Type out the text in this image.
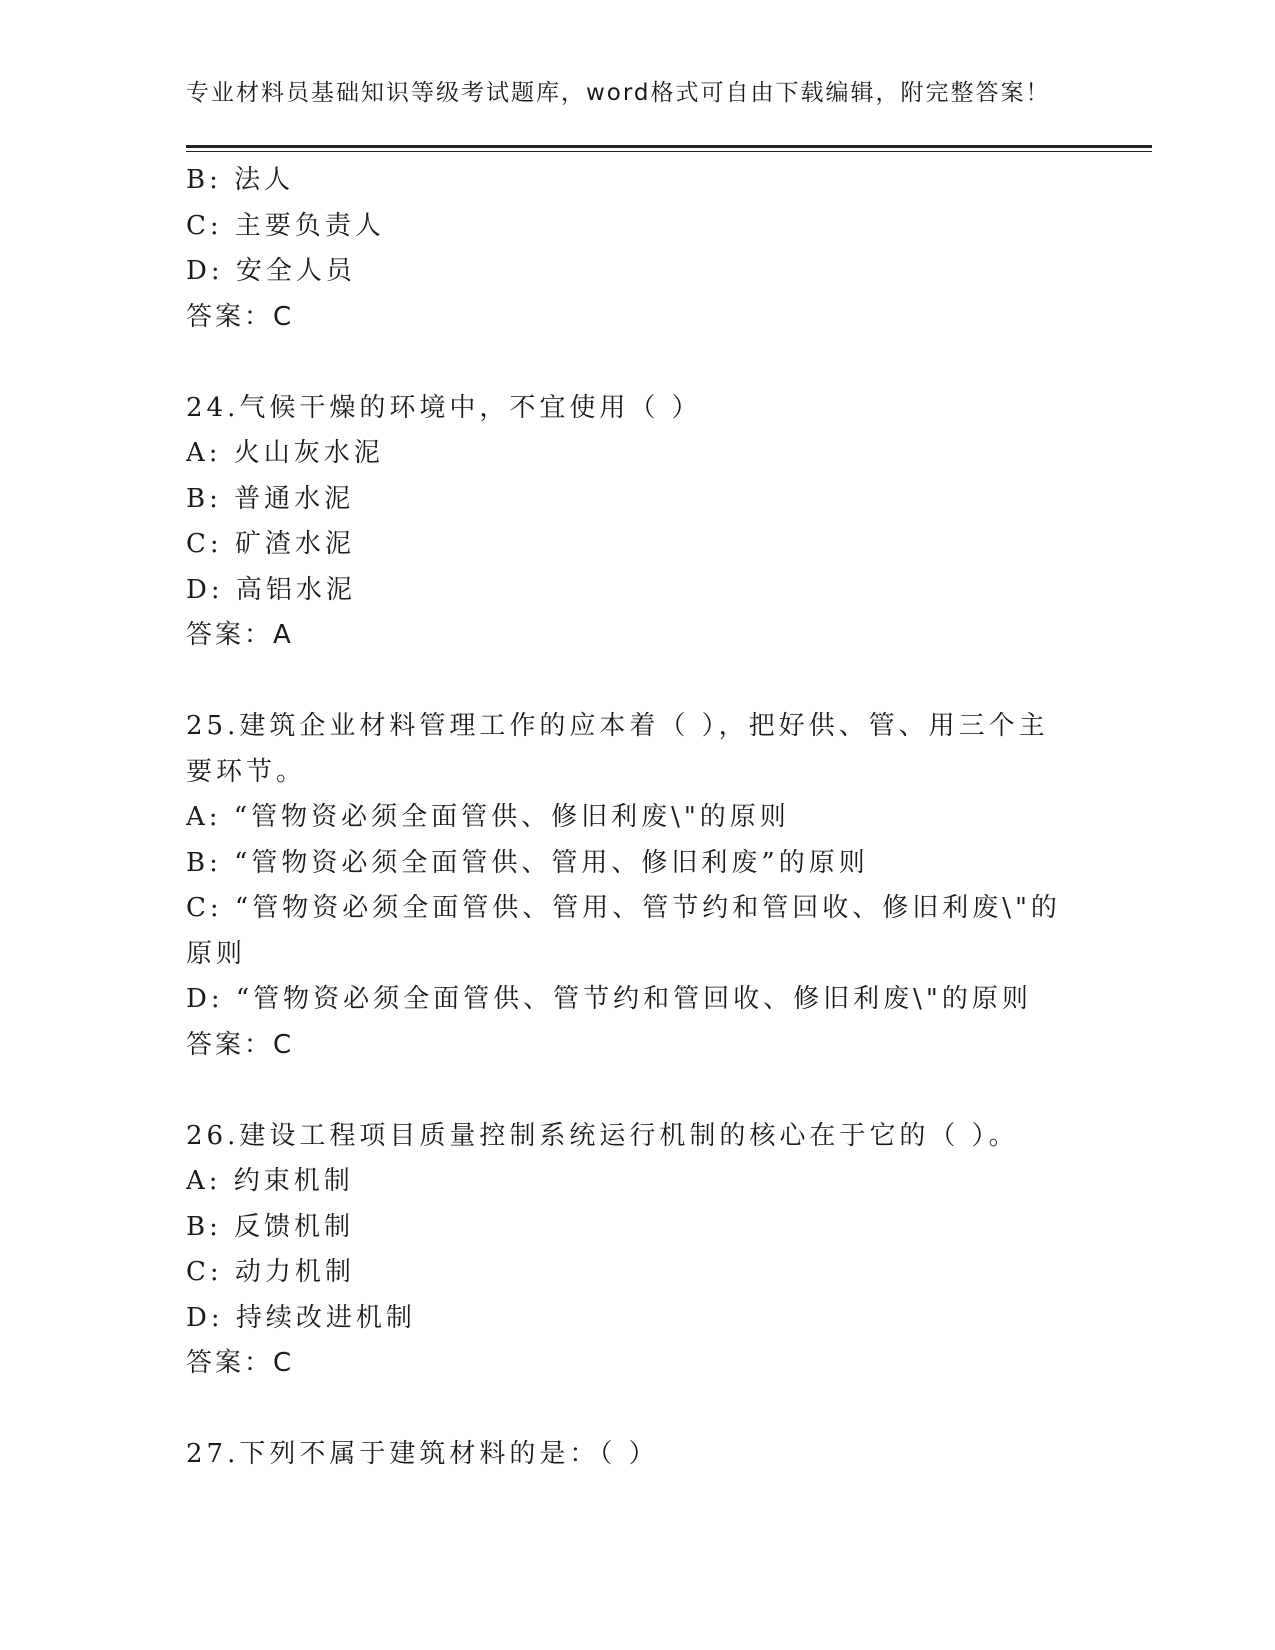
专业材料员基础知识等级考试题库，word格式可自由下载编辑，附完整答案！
B: 法人
C: 主要负责人
D: 安全人员
答案：C
24.气候干燥的环境中，不宜使用（ ）
A: 火山灰水泥
B: 普通水泥
C: 矿渣水泥
D: 高铝水泥
答案：A
25.建筑企业材料管理工作的应本着（ ），把好供、管、用三个主要环节。
A: “管物资必须全面管供、修旧利废\"的原则
B: “管物资必须全面管供、管用、修旧利废”的原则
C: “管物资必须全面管供、管用、管节约和管回收、修旧利废\"的原则
D: “管物资必须全面管供、管节约和管回收、修旧利废\"的原则
答案：C
26.建设工程项目质量控制系统运行机制的核心在于它的（ ）。
A: 约束机制
B: 反馈机制
C: 动力机制
D: 持续改进机制
答案：C
27.下列不属于建筑材料的是：（ ）
